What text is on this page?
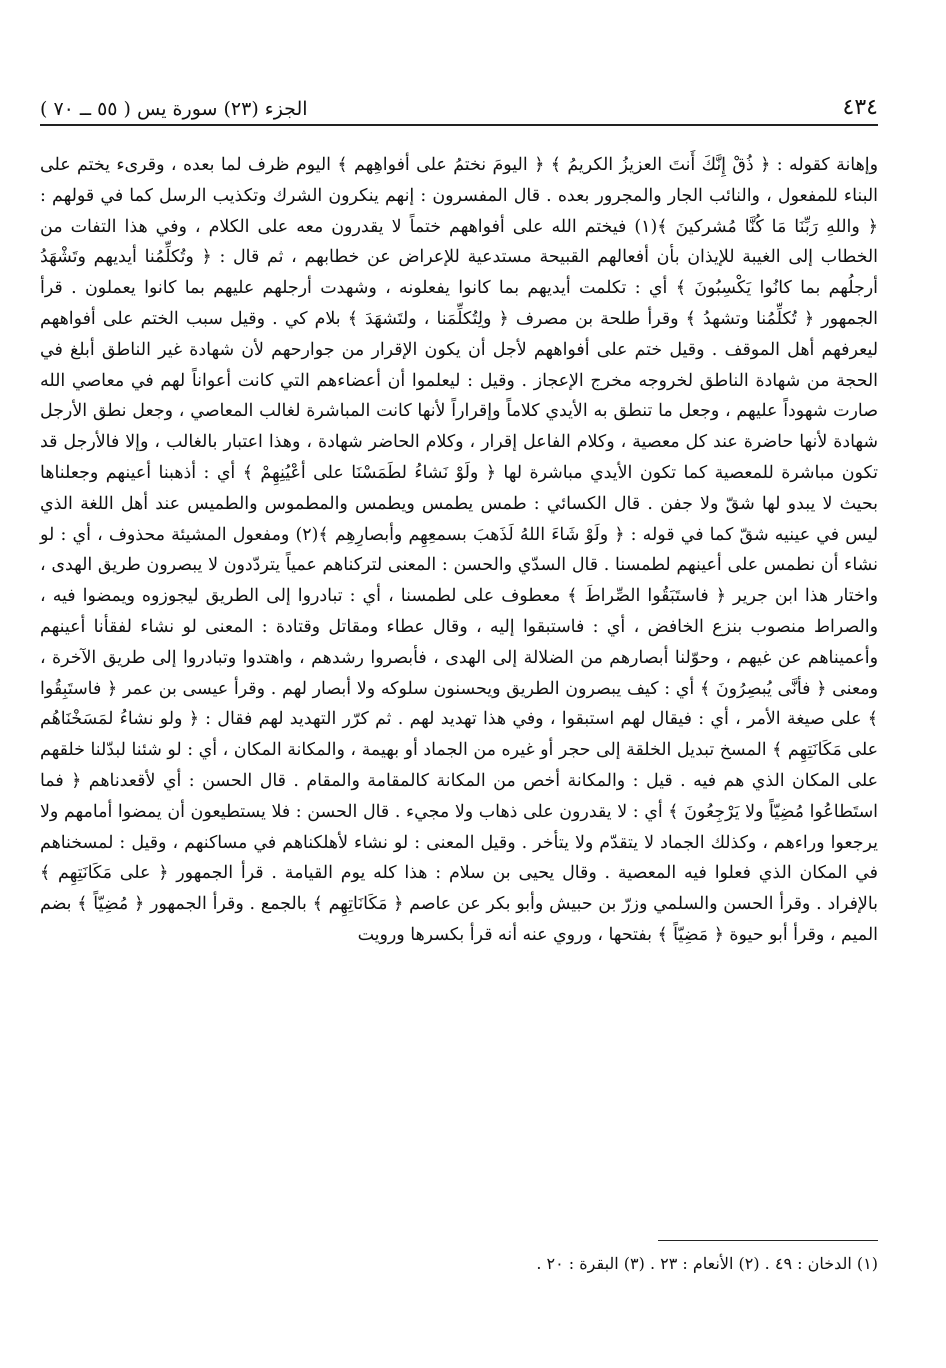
٤٣٤
الجزء (٢٣) سورة يس ( ٥٥ ــ ٧٠ )

وإهانة كقوله : ﴿ ذُقْ إِنَّكَ أَنتَ العزيزُ الكريمُ ﴾ ﴿ اليومَ نختمُ على أفواهِهم ﴾ اليوم ظرف لما بعده ، وقرىء يختم على البناء للمفعول ، والنائب الجار والمجرور بعده . قال المفسرون : إنهم ينكرون الشرك وتكذيب الرسل كما في قولهم : ﴿ واللهِ رَبِّنَا مَا كُنَّا مُشركينَ ﴾(١) فيختم الله على أفواههم ختماً لا يقدرون معه على الكلام ، وفي هذا التفات من الخطاب إلى الغيبة للإيذان بأن أفعالهم القبيحة مستدعية للإعراض عن خطابهم ، ثم قال : ﴿ وتُكلِّمُنا أيديهم وتَشْهَدُ أرجلُهم بما كانُوا يَكْسِبُونَ ﴾ أي : تكلمت أيديهم بما كانوا يفعلونه ، وشهدت أرجلهم عليهم بما كانوا يعملون . قرأ الجمهور ﴿ تُكلِّمُنا وتشهدُ ﴾ وقرأ طلحة بن مصرف ﴿ ولِتُكلِّمَنا ، ولتَشهَدَ ﴾ بلام كي . وقيل سبب الختم على أفواههم ليعرفهم أهل الموقف . وقيل ختم على أفواههم لأجل أن يكون الإقرار من جوارحهم لأن شهادة غير الناطق أبلغ في الحجة من شهادة الناطق لخروجه مخرج الإعجاز . وقيل : ليعلموا أن أعضاءهم التي كانت أعواناً لهم في معاصي الله صارت شهوداً عليهم ، وجعل ما تنطق به الأيدي كلاماً وإقراراً لأنها كانت المباشرة لغالب المعاصي ، وجعل نطق الأرجل شهادة لأنها حاضرة عند كل معصية ، وكلام الفاعل إقرار ، وكلام الحاضر شهادة ، وهذا اعتبار بالغالب ، وإلا فالأرجل قد تكون مباشرة للمعصية كما تكون الأيدي مباشرة لها ﴿ ولَوْ نَشاءُ لطَمَسْنَا على أعْيُنِهِمْ ﴾ أي : أذهبنا أعينهم وجعلناها بحيث لا يبدو لها شقّ ولا جفن . قال الكسائي : طمس يطمس ويطمس والمطموس والطميس عند أهل اللغة الذي ليس في عينيه شقّ كما في قوله : ﴿ ولَوْ شَاءَ اللهُ لَذَهبَ بسمعِهِم وأبصارِهِم ﴾(٢) ومفعول المشيئة محذوف ، أي : لو نشاء أن نطمس على أعينهم لطمسنا . قال السدّي والحسن : المعنى لتركناهم عمياً يتردّدون لا يبصرون طريق الهدى ، واختار هذا ابن جرير ﴿ فاستَبَقُوا الصِّراطَ ﴾ معطوف على لطمسنا ، أي : تبادروا إلى الطريق ليجوزوه ويمضوا فيه ، والصراط منصوب بنزع الخافض ، أي : فاستبقوا إليه ، وقال عطاء ومقاتل وقتادة : المعنى لو نشاء لفقأنا أعينهم وأعميناهم عن غيهم ، وحوّلنا أبصارهم من الضلالة إلى الهدى ، فأبصروا رشدهم ، واهتدوا وتبادروا إلى طريق الآخرة ، ومعنى ﴿ فأنَّى يُبصِرُونَ ﴾ أي : كيف يبصرون الطريق ويحسنون سلوكه ولا أبصار لهم . وقرأ عيسى بن عمر ﴿ فاستَبِقُوا ﴾ على صيغة الأمر ، أي : فيقال لهم استبقوا ، وفي هذا تهديد لهم . ثم كرّر التهديد لهم فقال : ﴿ ولو نشاءُ لمَسَخْنَاهُم على مَكَانَتِهِم ﴾ المسخ تبديل الخلقة إلى حجر أو غيره من الجماد أو بهيمة ، والمكانة المكان ، أي : لو شئنا لبدّلنا خلقهم على المكان الذي هم فيه . قيل : والمكانة أخص من المكانة كالمقامة والمقام . قال الحسن : أي لأقعدناهم ﴿ فما استَطاعُوا مُضِيّاً ولا يَرْجِعُونَ ﴾ أي : لا يقدرون على ذهاب ولا مجيء . قال الحسن : فلا يستطيعون أن يمضوا أمامهم ولا يرجعوا وراءهم ، وكذلك الجماد لا يتقدّم ولا يتأخر . وقيل المعنى : لو نشاء لأهلكناهم في مساكنهم ، وقيل : لمسخناهم في المكان الذي فعلوا فيه المعصية . وقال يحيى بن سلام : هذا كله يوم القيامة . قرأ الجمهور ﴿ على مَكَانَتِهِم ﴾ بالإفراد . وقرأ الحسن والسلمي وزرّ بن حبيش وأبو بكر عن عاصم ﴿ مَكَانَاتِهِم ﴾ بالجمع . وقرأ الجمهور ﴿ مُضِيّاً ﴾ بضم الميم ، وقرأ أبو حيوة ﴿ مَضِيّاً ﴾ بفتحها ، وروي عنه أنه قرأ بكسرها ورويت

(١) الدخان : ٤٩ . (٢) الأنعام : ٢٣ . (٣) البقرة : ٢٠ .
